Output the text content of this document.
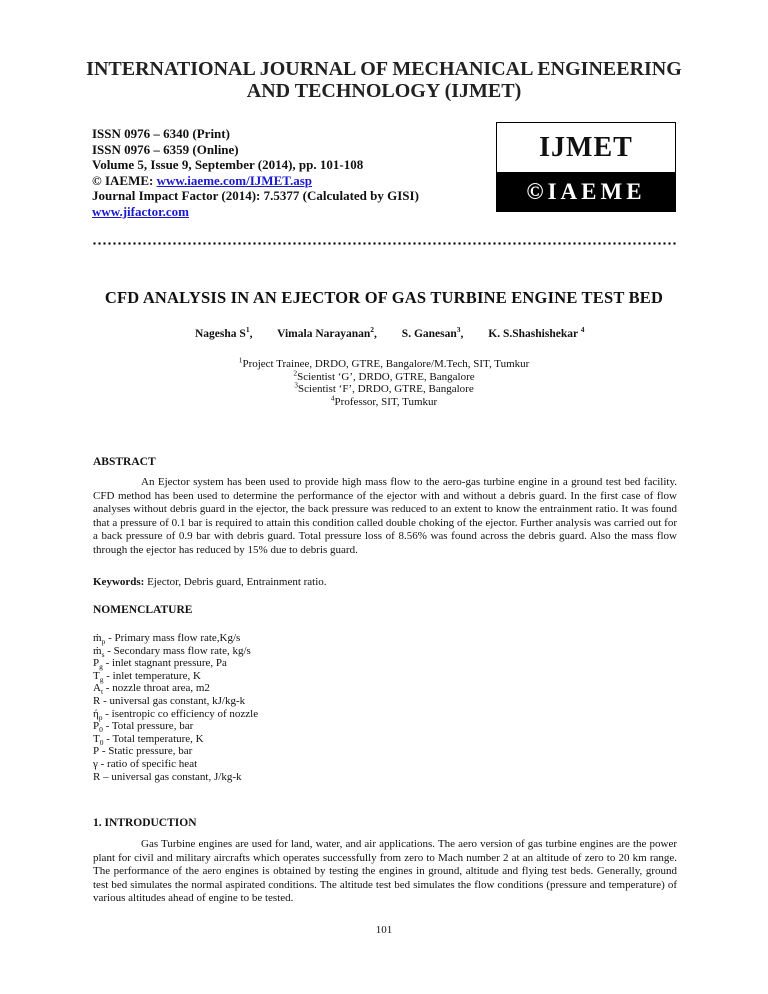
INTERNATIONAL JOURNAL OF MECHANICAL ENGINEERING
AND TECHNOLOGY (IJMET)
ISSN 0976 – 6340 (Print)
ISSN 0976 – 6359 (Online)
Volume 5, Issue 9, September (2014), pp. 101-108
© IAEME: www.iaeme.com/IJMET.asp
Journal Impact Factor (2014): 7.5377 (Calculated by GISI)
www.jifactor.com
IJMET
©IAEME
CFD ANALYSIS IN AN EJECTOR OF GAS TURBINE ENGINE TEST BED
Nagesha $S^1$, Vimala Narayanan$^2$, S. Ganesan$^3$, K. S.Shashishekar $^4$
$^1$Project Trainee, DRDO, GTRE, Bangalore/M.Tech, SIT, Tumkur
$^2$Scientist ‘G’, DRDO, GTRE, Bangalore
$^3$Scientist ‘F’, DRDO, GTRE, Bangalore
$^4$Professor, SIT, Tumkur
ABSTRACT
An Ejector system has been used to provide high mass flow to the aero-gas turbine engine in a ground test bed facility. CFD method has been used to determine the performance of the ejector with and without a debris guard. In the first case of flow analyses without debris guard in the ejector, the back pressure was reduced to an extent to know the entrainment ratio. It was found that a pressure of 0.1 bar is required to attain this condition called double choking of the ejector. Further analysis was carried out for a back pressure of 0.9 bar with debris guard. Total pressure loss of 8.56% was found across the debris guard. Also the mass flow through the ejector has reduced by 15% due to debris guard.
Keywords: Ejector, Debris guard, Entrainment ratio.
NOMENCLATURE
ṁ$_p$ - Primary mass flow rate,Kg/s
ṁ$_s$ - Secondary mass flow rate, kg/s
$P_g$ - inlet stagnant pressure, Pa
$T_g$ - inlet temperature, K
$A_t$ - nozzle throat area, m2
R - universal gas constant, kJ/kg-k
$ή_p$ - isentropic co efficiency of nozzle
$P_0$ - Total pressure, bar
$T_0$ - Total temperature, K
P - Static pressure, bar
γ - ratio of specific heat
R – universal gas constant, J/kg-k
1. INTRODUCTION
Gas Turbine engines are used for land, water, and air applications. The aero version of gas turbine engines are the power plant for civil and military aircrafts which operates successfully from zero to Mach number 2 at an altitude of zero to 20 km range. The performance of the aero engines is obtained by testing the engines in ground, altitude and flying test beds. Generally, ground test bed simulates the normal aspirated conditions. The altitude test bed simulates the flow conditions (pressure and temperature) of various altitudes ahead of engine to be tested.
101
